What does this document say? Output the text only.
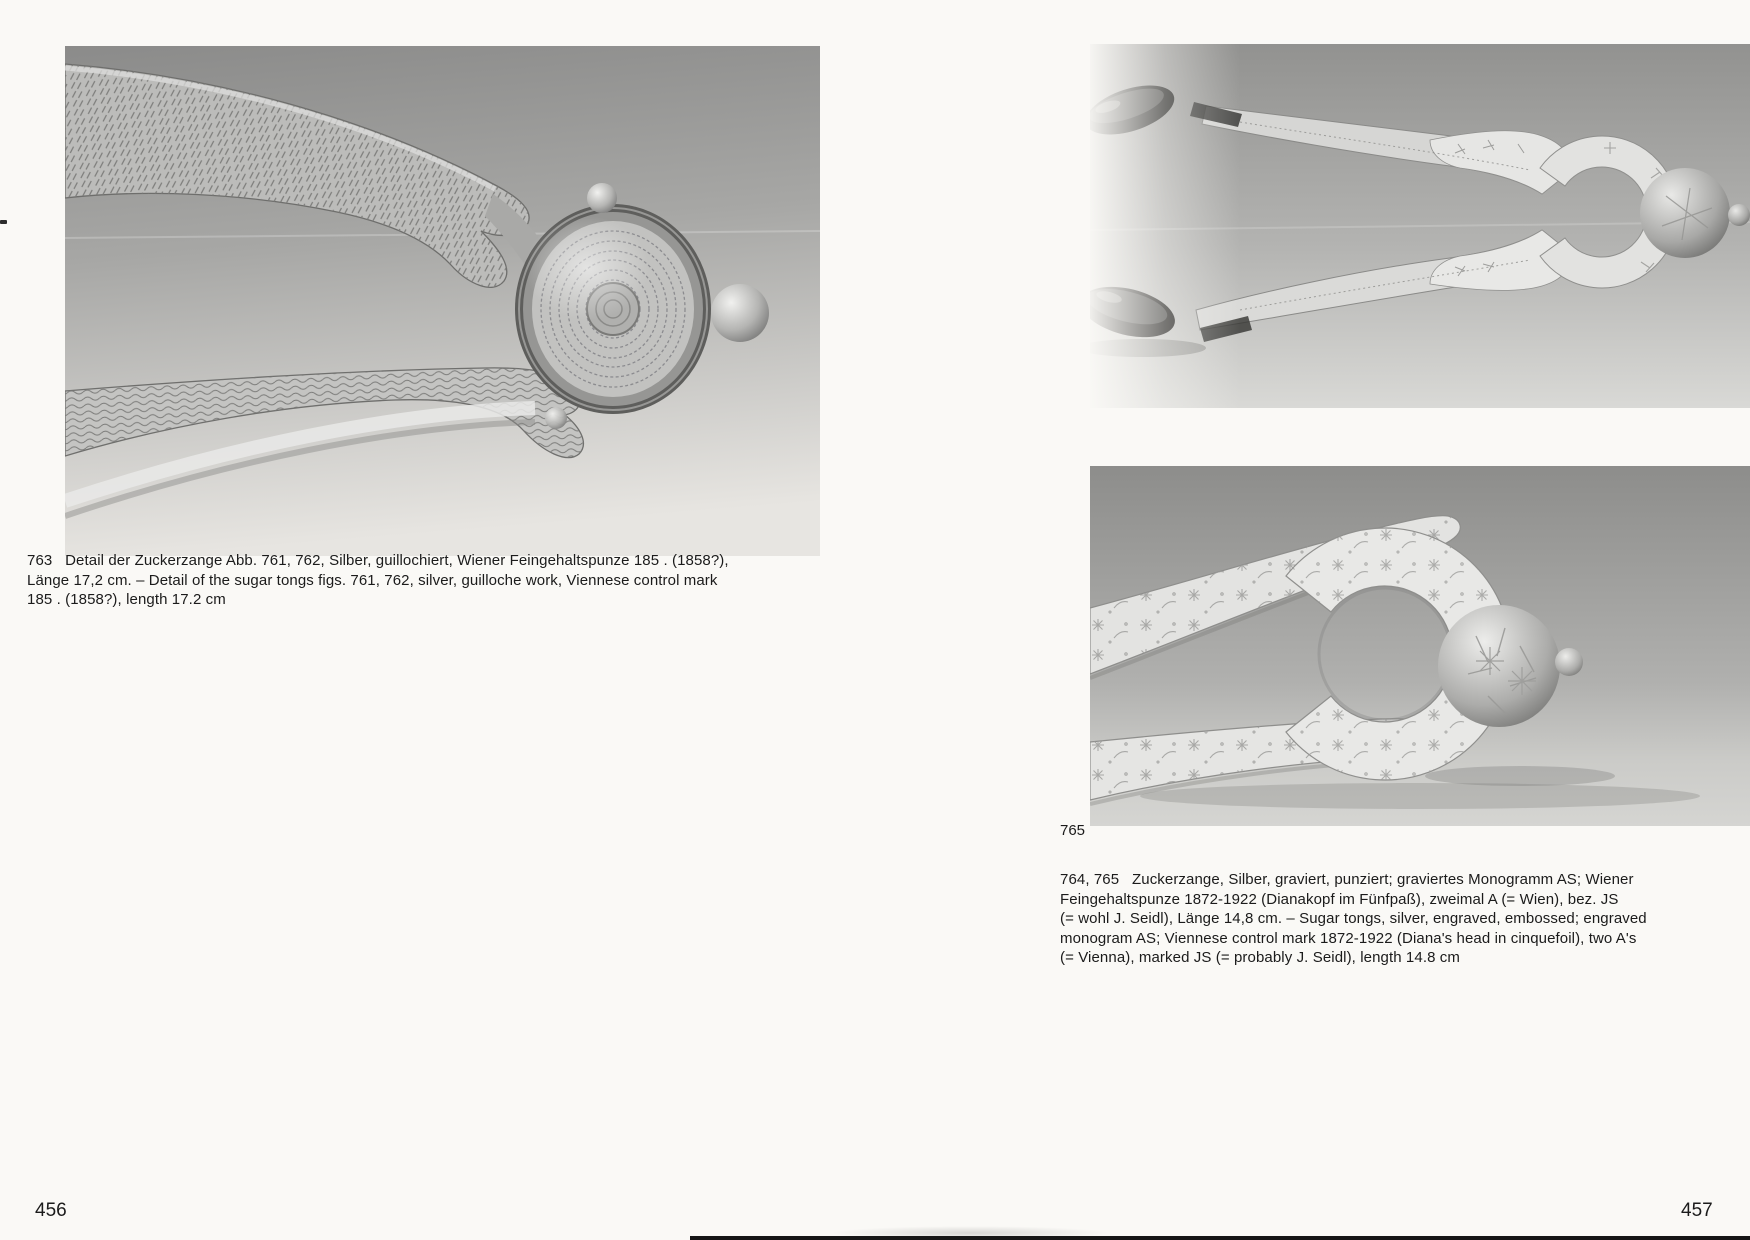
763   Detail der Zuckerzange Abb. 761, 762, Silber, guillochiert, Wiener Feingehaltspunze 185 . (1858?),
Länge 17,2 cm. – Detail of the sugar tongs figs. 761, 762, silver, guilloche work, Viennese control mark
185 . (1858?), length 17.2 cm
456
765
764, 765   Zuckerzange, Silber, graviert, punziert; graviertes Monogramm AS; Wiener
Feingehaltspunze 1872-1922 (Dianakopf im Fünfpaß), zweimal A (= Wien), bez. JS
(= wohl J. Seidl), Länge 14,8 cm. – Sugar tongs, silver, engraved, embossed; engraved
monogram AS; Viennese control mark 1872-1922 (Diana's head in cinquefoil), two A's
(= Vienna), marked JS (= probably J. Seidl), length 14.8 cm
457
